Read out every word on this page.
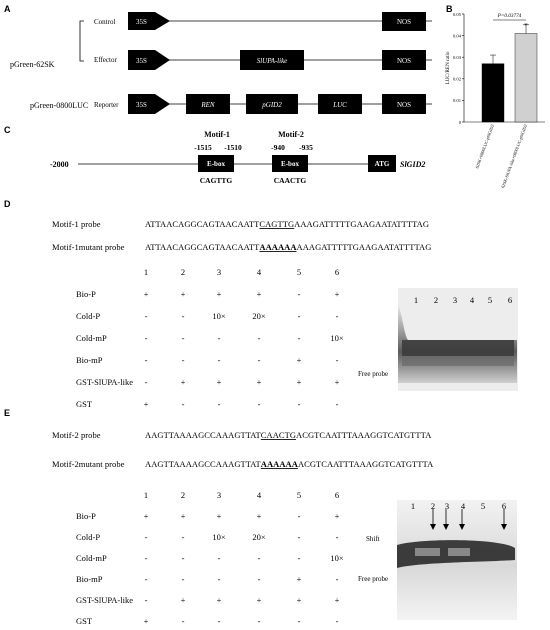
A
pGreen-62SK
pGreen-0800LUC
Control	35S	NOS
Effector	35S	SlUPA-like	NOS
Reporter	35S	REN	pGID2	LUC	NOS
B
0
0.01
0.02
0.03
0.04
0.05
LUC/REN ratio
62SK+0800LUC-pSIGID2 62SK-SlUPA-like+0800LUC-pSlGID2
P=0.03774
*
C
-2000
Motif-1
-1515 -1510
E-box
CAGTTG
Motif-2
-940 -935
E-box
CAACTG
ATG SlGID2
D
Motif-1 probe	ATTAACAGGCAGTAACAATTCAGTTGAAAGATTTTTGAAGAATATTTTAG
Motif-1mutant probe ATTAACAGGCAGTAACAATTAAAAAAAAAGATTTTTGAAGAATATTTTAG
1	2	3	4	5	6
Bio-P	+	+	+	+	-	+
Cold-P	-	-	10×	20×	-	-
Cold-mP	-	-	-	-	-	10×
Bio-mP	-	-	-	-	+	-
GST-SlUPA-like -	+	+	+	+	+
GST	+	-	-	-	-	-
1 2 3 4 5 6
Free probe
E
Motif-2 probe	AAGTTAAAAGCCAAAGTTATCAACTGACGTCAATTTAAAGGTCATGTTTA
Motif-2mutant probe AAGTTAAAAGCCAAAGTTATAAAAAAACGTCAATTTAAAGGTCATGTTTA
1	2	3	4	5	6
Bio-P	+	+	+	+	-	+
Cold-P	-	-	10×	20×	-	-
Cold-mP	-	-	-	-	-	10×
Bio-mP	-	-	-	-	+	-
GST-SlUPA-like -	+	+	+	+	+
GST	+	-	-	-	-	-
1 2 3 4 5 6
Shift
Free probe
